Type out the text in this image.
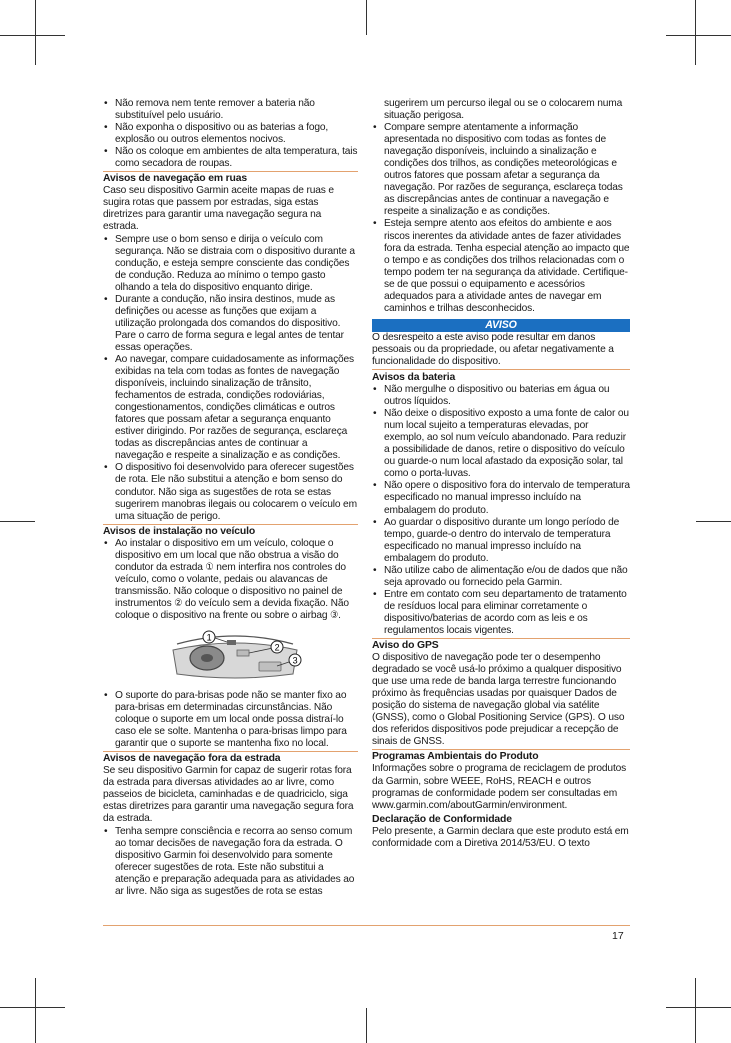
• Não remova nem tente remover a bateria não substituível pelo usuário.
• Não exponha o dispositivo ou as baterias a fogo, explosão ou outros elementos nocivos.
• Não os coloque em ambientes de alta temperatura, tais como secadora de roupas.
Avisos de navegação em ruas

Caso seu dispositivo Garmin aceite mapas de ruas e sugira rotas que passem por estradas, siga estas diretrizes para garantir uma navegação segura na estrada.

• Sempre use o bom senso e dirija o veículo com segurança. Não se distraia com o dispositivo durante a condução, e esteja sempre consciente das condições de condução. Reduza ao mínimo o tempo gasto olhando a tela do dispositivo enquanto dirige.
• Durante a condução, não insira destinos, mude as definições ou acesse as funções que exijam a utilização prolongada dos comandos do dispositivo. Pare o carro de forma segura e legal antes de tentar essas operações.
• Ao navegar, compare cuidadosamente as informações exibidas na tela com todas as fontes de navegação disponíveis, incluindo sinalização de trânsito, fechamentos de estrada, condições rodoviárias, congestionamentos, condições climáticas e outros fatores que possam afetar a segurança enquanto estiver dirigindo. Por razões de segurança, esclareça todas as discrepâncias antes de continuar a navegação e respeite a sinalização e as condições.
• O dispositivo foi desenvolvido para oferecer sugestões de rota. Ele não substitui a atenção e bom senso do condutor. Não siga as sugestões de rota se estas sugerirem manobras ilegais ou colocarem o veículo em uma situação de perigo.
Avisos de instalação no veículo
• Ao instalar o dispositivo em um veículo, coloque o dispositivo em um local que não obstrua a visão do condutor da estrada ① nem interfira nos controles do veículo, como o volante, pedais ou alavancas de transmissão. Não coloque o dispositivo no painel de instrumentos ② do veículo sem a devida fixação. Não coloque o dispositivo na frente ou sobre o airbag ③.
1
2
3
• O suporte do para-brisas pode não se manter fixo ao para-brisas em determinadas circunstâncias. Não coloque o suporte em um local onde possa distraí-lo caso ele se solte. Mantenha o para-brisas limpo para garantir que o suporte se mantenha fixo no local.
Avisos de navegação fora da estrada

Se seu dispositivo Garmin for capaz de sugerir rotas fora da estrada para diversas atividades ao ar livre, como passeios de bicicleta, caminhadas e de quadriciclo, siga estas diretrizes para garantir uma navegação segura fora da estrada.

• Tenha sempre consciência e recorra ao senso comum ao tomar decisões de navegação fora da estrada. O dispositivo Garmin foi desenvolvido para somente oferecer sugestões de rota. Este não substitui a atenção e preparação adequada para as atividades ao ar livre. Não siga as sugestões de rota se estas
sugerirem um percurso ilegal ou se o colocarem numa situação perigosa.
• Compare sempre atentamente a informação apresentada no dispositivo com todas as fontes de navegação disponíveis, incluindo a sinalização e condições dos trilhos, as condições meteorológicas e outros fatores que possam afetar a segurança da navegação. Por razões de segurança, esclareça todas as discrepâncias antes de continuar a navegação e respeite a sinalização e as condições.
• Esteja sempre atento aos efeitos do ambiente e aos riscos inerentes da atividade antes de fazer atividades fora da estrada. Tenha especial atenção ao impacto que o tempo e as condições dos trilhos relacionadas com o tempo podem ter na segurança da atividade. Certifique-se de que possui o equipamento e acessórios adequados para a atividade antes de navegar em caminhos e trilhas desconhecidos.
AVISO
O desrespeito a este aviso pode resultar em danos pessoais ou da propriedade, ou afetar negativamente a funcionalidade do dispositivo.
Avisos da bateria
• Não mergulhe o dispositivo ou baterias em água ou outros líquidos.
• Não deixe o dispositivo exposto a uma fonte de calor ou num local sujeito a temperaturas elevadas, por exemplo, ao sol num veículo abandonado. Para reduzir a possibilidade de danos, retire o dispositivo do veículo ou guarde-o num local afastado da exposição solar, tal como o porta-luvas.
• Não opere o dispositivo fora do intervalo de temperatura especificado no manual impresso incluído na embalagem do produto.
• Ao guardar o dispositivo durante um longo período de tempo, guarde-o dentro do intervalo de temperatura especificado no manual impresso incluído na embalagem do produto.
• Não utilize cabo de alimentação e/ou de dados que não seja aprovado ou fornecido pela Garmin.
• Entre em contato com seu departamento de tratamento de resíduos local para eliminar corretamente o dispositivo/baterias de acordo com as leis e os regulamentos locais vigentes.
Aviso do GPS

O dispositivo de navegação pode ter o desempenho degradado se você usá-lo próximo a qualquer dispositivo que use uma rede de banda larga terrestre funcionando próximo às frequências usadas por quaisquer Dados de posição do sistema de navegação global via satélite (GNSS), como o Global Positioning Service (GPS). O uso dos referidos dispositivos pode prejudicar a recepção de sinais de GNSS.

Programas Ambientais do Produto

Informações sobre o programa de reciclagem de produtos da Garmin, sobre WEEE, RoHS, REACH e outros programas de conformidade podem ser consultadas em www.garmin.com/aboutGarmin/environment.

Declaração de Conformidade

Pelo presente, a Garmin declara que este produto está em conformidade com a Diretiva 2014/53/EU. O texto

17
